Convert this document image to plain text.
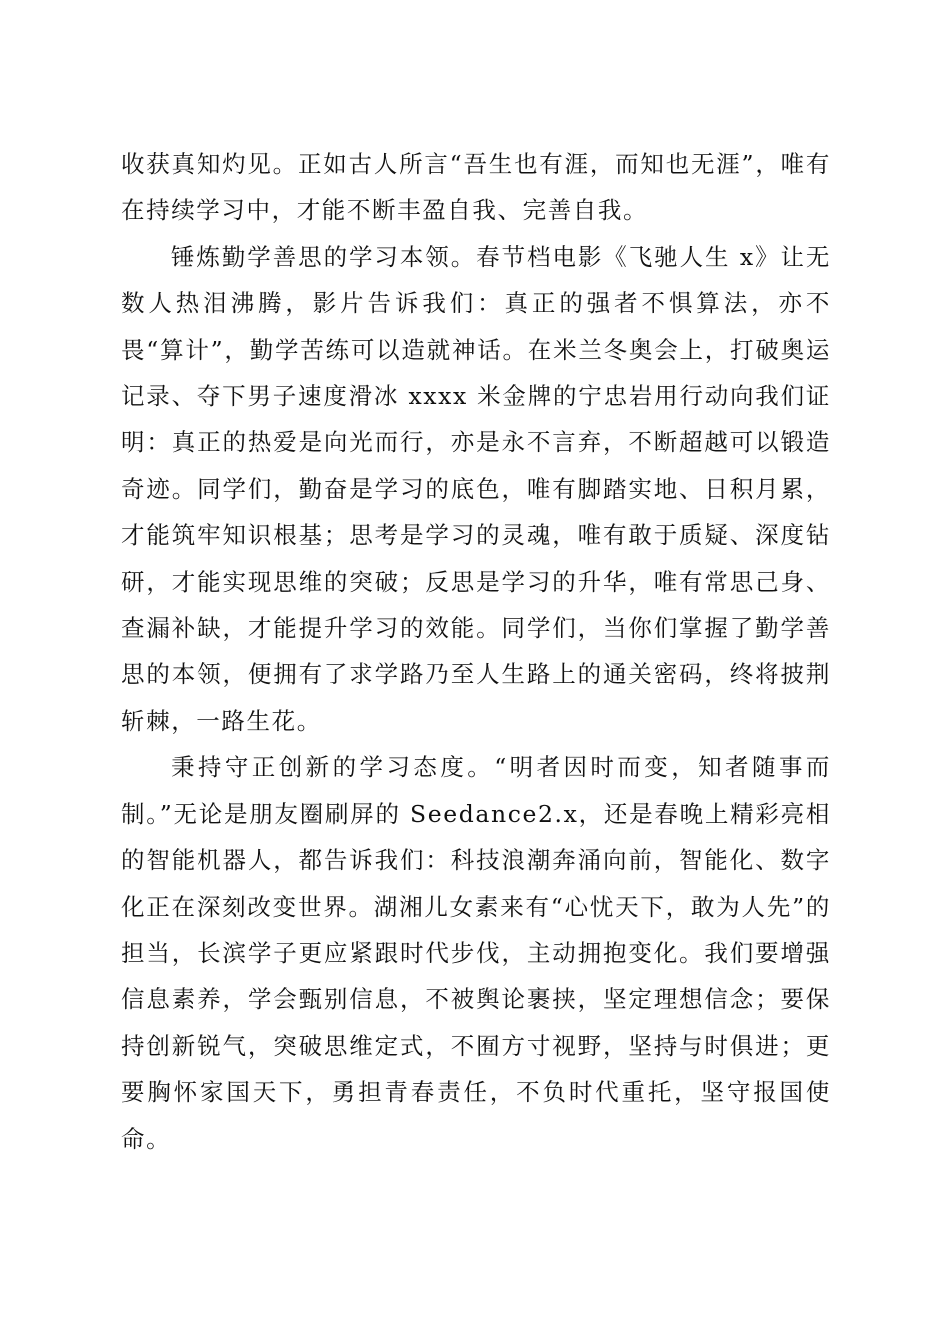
收获真知灼见。正如古人所言“吾生也有涯，而知也无涯”，唯有在持续学习中，才能不断丰盈自我、完善自我。

锤炼勤学善思的学习本领。春节档电影《飞驰人生 x》让无数人热泪沸腾，影片告诉我们：真正的强者不惧算法，亦不畏“算计”，勤学苦练可以造就神话。在米兰冬奥会上，打破奥运记录、夺下男子速度滑冰 xxxx 米金牌的宁忠岩用行动向我们证明：真正的热爱是向光而行，亦是永不言弃，不断超越可以锻造奇迹。同学们，勤奋是学习的底色，唯有脚踏实地、日积月累，才能筑牢知识根基；思考是学习的灵魂，唯有敢于质疑、深度钻研，才能实现思维的突破；反思是学习的升华，唯有常思己身、查漏补缺，才能提升学习的效能。同学们，当你们掌握了勤学善思的本领，便拥有了求学路乃至人生路上的通关密码，终将披荆斩棘，一路生花。

秉持守正创新的学习态度。“明者因时而变，知者随事而制。”无论是朋友圈刷屏的 Seedance2.x，还是春晚上精彩亮相的智能机器人，都告诉我们：科技浪潮奔涌向前，智能化、数字化正在深刻改变世界。湖湘儿女素来有“心忧天下，敢为人先”的担当，长滨学子更应紧跟时代步伐，主动拥抱变化。我们要增强信息素养，学会甄别信息，不被舆论裹挟，坚定理想信念；要保持创新锐气，突破思维定式，不囿方寸视野，坚持与时俱进；更要胸怀家国天下，勇担青春责任，不负时代重托，坚守报国使命。
